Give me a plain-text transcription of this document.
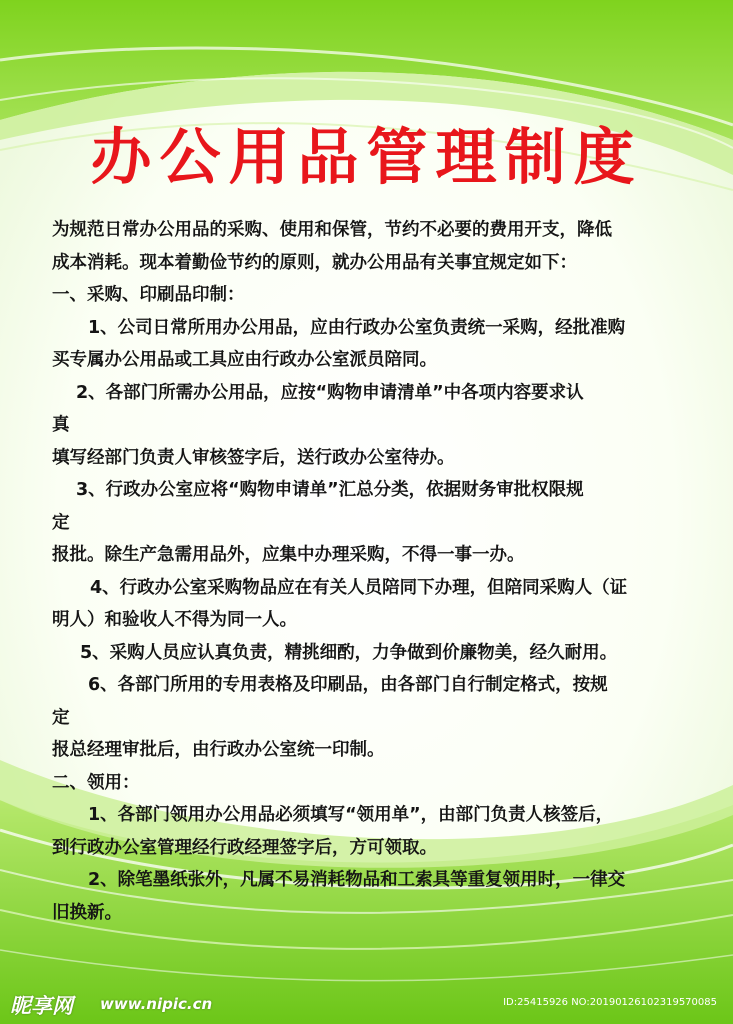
办公用品管理制度
为规范日常办公用品的采购、使用和保管，节约不必要的费用开支，降低
成本消耗。现本着勤俭节约的原则，就办公用品有关事宜规定如下：
一、采购、印刷品印制：
1、公司日常所用办公用品，应由行政办公室负责统一采购，经批准购
买专属办公用品或工具应由行政办公室派员陪同。
2、各部门所需办公用品，应按“购物申请清单”中各项内容要求认
真
填写经部门负责人审核签字后，送行政办公室待办。
3、行政办公室应将“购物申请单”汇总分类，依据财务审批权限规
定
报批。除生产急需用品外，应集中办理采购，不得一事一办。
4、行政办公室采购物品应在有关人员陪同下办理，但陪同采购人（证
明人）和验收人不得为同一人。
5、采购人员应认真负责，精挑细酌，力争做到价廉物美，经久耐用。
6、各部门所用的专用表格及印刷品，由各部门自行制定格式，按规
定
报总经理审批后，由行政办公室统一印制。
二、领用：
1、各部门领用办公用品必须填写“领用单”，由部门负责人核签后，
到行政办公室管理经行政经理签字后，方可领取。
2、除笔墨纸张外，凡属不易消耗物品和工索具等重复领用时，一律交
旧换新。
昵享网 www.nipic.cn	ID:25415926 NO:20190126102319570085
